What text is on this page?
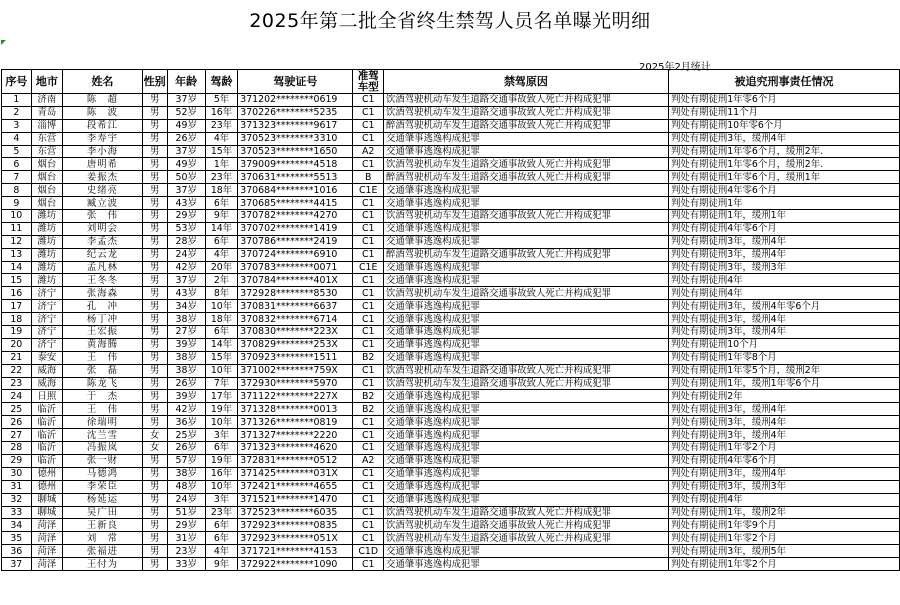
2025年第二批全省终生禁驾人员名单曝光明细
2025年2月统计
序号	地市	姓名	性别	年龄	驾龄	驾驶证号	准驾车型	禁驾原因	被追究刑事责任情况
1	济南	陈　超	男	37岁	5年	371202********0619	C1	饮酒驾驶机动车发生道路交通事故致人死亡并构成犯罪	判处有期徒刑1年零6个月
2	青岛	陈　波	男	52岁	16年	370226********5235	C1	饮酒驾驶机动车发生道路交通事故致人死亡并构成犯罪	判处有期徒刑11个月
3	淄博	段希江	男	49岁	23年	371323********9617	C1	醉酒驾驶机动车发生道路交通事故致人死亡并构成犯罪	判处有期徒刑10年零6个月
4	东营	李寿宇	男	26岁	4年	370523********3310	C1	交通肇事逃逸构成犯罪	判处有期徒刑3年，缓刑4年
5	东营	李小海	男	37岁	15年	370523********1650	A2	交通肇事逃逸构成犯罪	判处有期徒刑1年零6个月，缓刑2年.
6	烟台	唐明希	男	49岁	1年	379009********4518	C1	饮酒驾驶机动车发生道路交通事故致人死亡并构成犯罪	判处有期徒刑1年零6个月，缓刑2年.
7	烟台	姜振杰	男	50岁	23年	370631********5513	B	醉酒驾驶机动车发生道路交通事故致人死亡并构成犯罪	判处有期徒刑1年零6个月，缓刑1年
8	烟台	史绪亮	男	37岁	18年	370684********1016	C1E	交通肇事逃逸构成犯罪	判处有期徒刑4年零6个月
9	烟台	臧立波	男	43岁	6年	370685********4415	C1	交通肇事逃逸构成犯罪	判处有期徒刑1年
10	潍坊	张　伟	男	29岁	9年	370782********4270	C1	饮酒驾驶机动车发生道路交通事故致人死亡并构成犯罪	判处有期徒刑1年，缓刑1年
11	潍坊	刘明会	男	53岁	14年	370702********1419	C1	交通肇事逃逸构成犯罪	判处有期徒刑4年零6个月
12	潍坊	李孟杰	男	28岁	6年	370786********2419	C1	交通肇事逃逸构成犯罪	判处有期徒刑3年，缓刑4年
13	潍坊	纪云龙	男	24岁	4年	370724********6910	C1	醉酒驾驶机动车发生道路交通事故致人死亡并构成犯罪	判处有期徒刑3年，缓刑4年
14	潍坊	孟凡林	男	42岁	20年	370783********0071	C1E	交通肇事逃逸构成犯罪	判处有期徒刑3年，缓刑3年
15	潍坊	王冬冬	男	37岁	2年	370784********401X	C1	交通肇事逃逸构成犯罪	判处有期徒刑4年
16	济宁	张海森	男	43岁	8年	372928********8530	C1	饮酒驾驶机动车发生道路交通事故致人死亡并构成犯罪	判处有期徒刑4年
17	济宁	孔　冲	男	34岁	10年	370831********6637	C1	交通肇事逃逸构成犯罪	判处有期徒刑3年，缓刑4年零6个月
18	济宁	杨丁冲	男	38岁	18年	370832********6714	C1	交通肇事逃逸构成犯罪	判处有期徒刑3年，缓刑4年
19	济宁	王宏振	男	27岁	6年	370830********223X	C1	交通肇事逃逸构成犯罪	判处有期徒刑3年，缓刑4年
20	济宁	黄海腾	男	39岁	14年	370829********253X	C1	交通肇事逃逸构成犯罪	判处有期徒刑10个月
21	泰安	王　伟	男	38岁	15年	370923********1511	B2	交通肇事逃逸构成犯罪	判处有期徒刑1年零8个月
22	威海	张　磊	男	38岁	10年	371002********759X	C1	饮酒驾驶机动车发生道路交通事故致人死亡并构成犯罪	判处有期徒刑1年零5个月，缓刑2年
23	威海	陈龙飞	男	26岁	7年	372930********5970	C1	饮酒驾驶机动车发生道路交通事故致人死亡并构成犯罪	判处有期徒刑1年，缓刑1年零6个月
24	日照	于　杰	男	39岁	17年	371122********227X	B2	交通肇事逃逸构成犯罪	判处有期徒刑2年
25	临沂	王　伟	男	42岁	19年	371328********0013	B2	交通肇事逃逸构成犯罪	判处有期徒刑3年，缓刑4年
26	临沂	徐瑞明	男	36岁	10年	371326********0819	C1	交通肇事逃逸构成犯罪	判处有期徒刑3年，缓刑4年
27	临沂	沈兰雪	女	25岁	3年	371327********2220	C1	交通肇事逃逸构成犯罪	判处有期徒刑3年，缓刑4年
28	临沂	冯振岚	女	26岁	6年	371323********4620	C1	交通肇事逃逸构成犯罪	判处有期徒刑1年零2个月
29	临沂	张一财	男	57岁	19年	372831********0512	A2	交通肇事逃逸构成犯罪	判处有期徒刑4年零6个月
30	德州	马德鸿	男	38岁	16年	371425********031X	C1	交通肇事逃逸构成犯罪	判处有期徒刑3年，缓刑4年
31	德州	李荣臣	男	48岁	10年	372421********4655	C1	交通肇事逃逸构成犯罪	判处有期徒刑3年，缓刑3年
32	聊城	杨延运	男	24岁	3年	371521********1470	C1	交通肇事逃逸构成犯罪	判处有期徒刑4年
33	聊城	吴广田	男	51岁	23年	372523********6035	C1	饮酒驾驶机动车发生道路交通事故致人死亡并构成犯罪	判处有期徒刑1年，缓刑2年
34	菏泽	王新良	男	29岁	6年	372923********0835	C1	饮酒驾驶机动车发生道路交通事故致人死亡并构成犯罪	判处有期徒刑1年零9个月
35	菏泽	刘　常	男	31岁	6年	372923********051X	C1	饮酒驾驶机动车发生道路交通事故致人死亡并构成犯罪	判处有期徒刑1年零2个月
36	菏泽	张福进	男	23岁	4年	371721********4153	C1D	交通肇事逃逸构成犯罪	判处有期徒刑3年，缓刑5年
37	菏泽	王付为	男	33岁	9年	372922********1090	C1	交通肇事逃逸构成犯罪	判处有期徒刑1年零2个月
